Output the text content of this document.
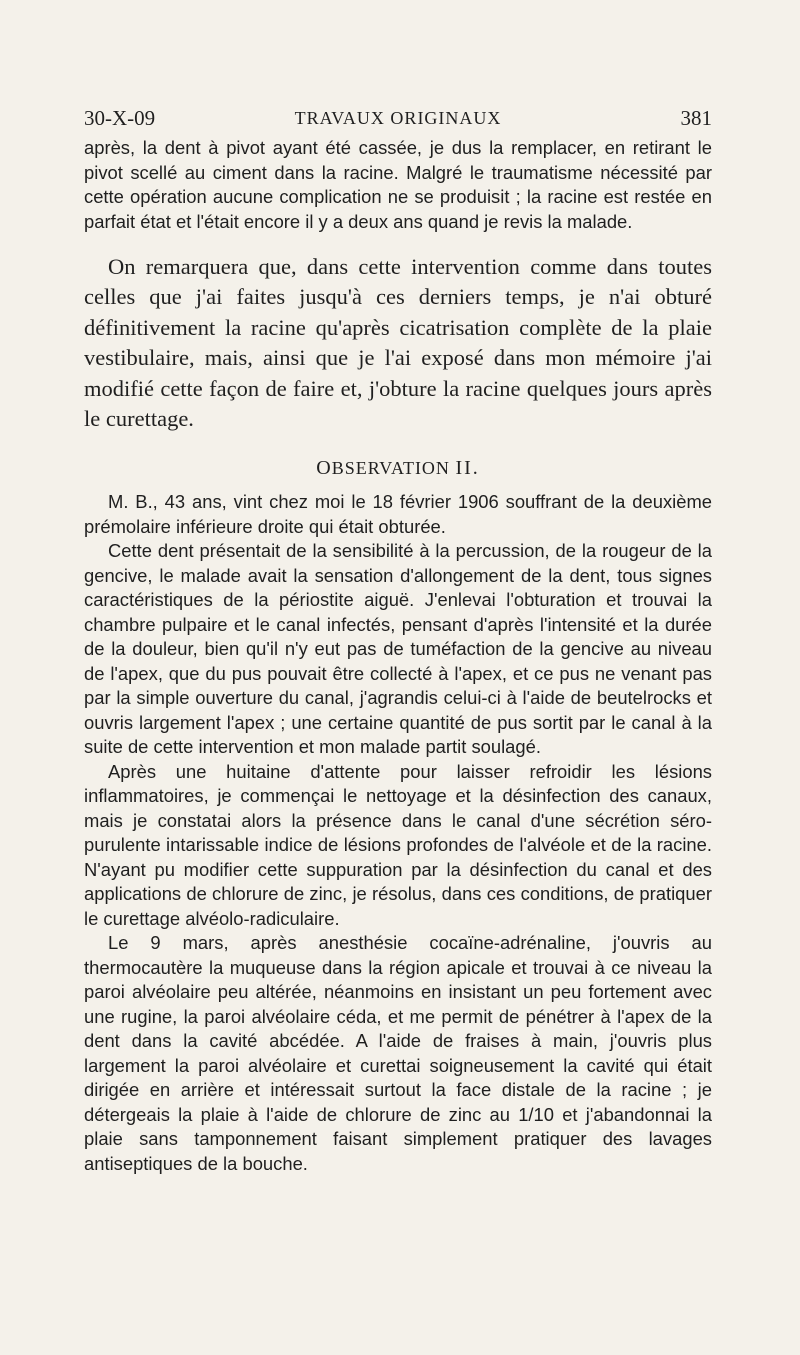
30-X-09	TRAVAUX ORIGINAUX	381

après, la dent à pivot ayant été cassée, je dus la remplacer, en retirant le pivot scellé au ciment dans la racine. Malgré le traumatisme nécessité par cette opération aucune complication ne se produisit ; la racine est restée en parfait état et l'était encore il y a deux ans quand je revis la malade.

On remarquera que, dans cette intervention comme dans toutes celles que j'ai faites jusqu'à ces derniers temps, je n'ai obturé définitivement la racine qu'après cicatrisation complète de la plaie vestibulaire, mais, ainsi que je l'ai exposé dans mon mémoire j'ai modifié cette façon de faire et, j'obture la racine quelques jours après le curettage.

OBSERVATION II.

M. B., 43 ans, vint chez moi le 18 février 1906 souffrant de la deuxième prémolaire inférieure droite qui était obturée.

Cette dent présentait de la sensibilité à la percussion, de la rougeur de la gencive, le malade avait la sensation d'allongement de la dent, tous signes caractéristiques de la périostite aiguë. J'enlevai l'obturation et trouvai la chambre pulpaire et le canal infectés, pensant d'après l'intensité et la durée de la douleur, bien qu'il n'y eut pas de tuméfaction de la gencive au niveau de l'apex, que du pus pouvait être collecté à l'apex, et ce pus ne venant pas par la simple ouverture du canal, j'agrandis celui-ci à l'aide de beutelrocks et ouvris largement l'apex ; une certaine quantité de pus sortit par le canal à la suite de cette intervention et mon malade partit soulagé.

Après une huitaine d'attente pour laisser refroidir les lésions inflammatoires, je commençai le nettoyage et la désinfection des canaux, mais je constatai alors la présence dans le canal d'une sécrétion séro-purulente intarissable indice de lésions profondes de l'alvéole et de la racine. N'ayant pu modifier cette suppuration par la désinfection du canal et des applications de chlorure de zinc, je résolus, dans ces conditions, de pratiquer le curettage alvéolo-radiculaire.

Le 9 mars, après anesthésie cocaïne-adrénaline, j'ouvris au thermocautère la muqueuse dans la région apicale et trouvai à ce niveau la paroi alvéolaire peu altérée, néanmoins en insistant un peu fortement avec une rugine, la paroi alvéolaire céda, et me permit de pénétrer à l'apex de la dent dans la cavité abcédée. A l'aide de fraises à main, j'ouvris plus largement la paroi alvéolaire et curettai soigneusement la cavité qui était dirigée en arrière et intéressait surtout la face distale de la racine ; je détergeais la plaie à l'aide de chlorure de zinc au 1/10 et j'abandonnai la plaie sans tamponnement faisant simplement pratiquer des lavages antiseptiques de la bouche.
